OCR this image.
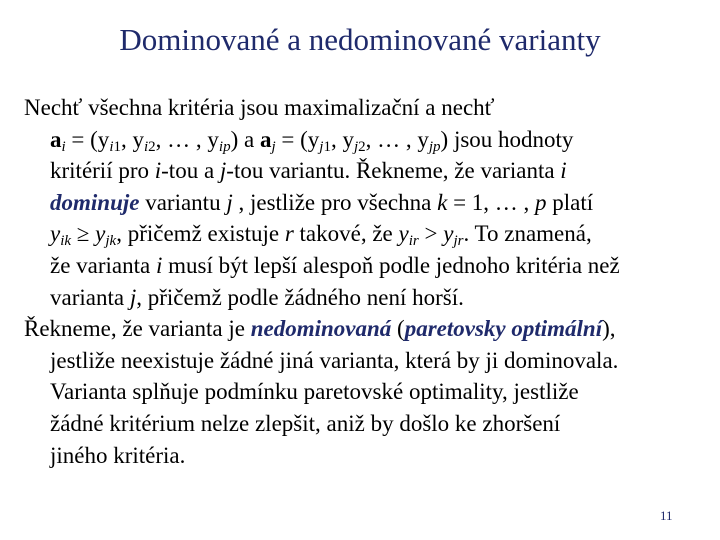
Dominované a nedominované varianty
Nechť všechna kritéria jsou maximalizační a nechť
$a_i = (y_{i1}$, $y_{i2}$, … , $y_{ip}$) a $a_j = (y_{j1}$, $y_{j2}$, … , $y_{jp}$) jsou hodnoty
kritérií pro i-tou a j-tou variantu. Řekneme, že varianta i
dominuje variantu j , jestliže pro všechna k = 1, … , p platí
$y_{ik} \ge y_{jk}$, přičemž existuje r takové, že $y_{ir} > y_{jr}$. To znamená,
že varianta i musí být lepší alespoň podle jednoho kritéria než
varianta j, přičemž podle žádného není horší.
Řekneme, že varianta je nedominovaná (paretovsky optimální),
jestliže neexistuje žádné jiná varianta, která by ji dominovala.
Varianta splňuje podmínku paretovské optimality, jestliže
žádné kritérium nelze zlepšit, aniž by došlo ke zhoršení
jiného kritéria.
11
